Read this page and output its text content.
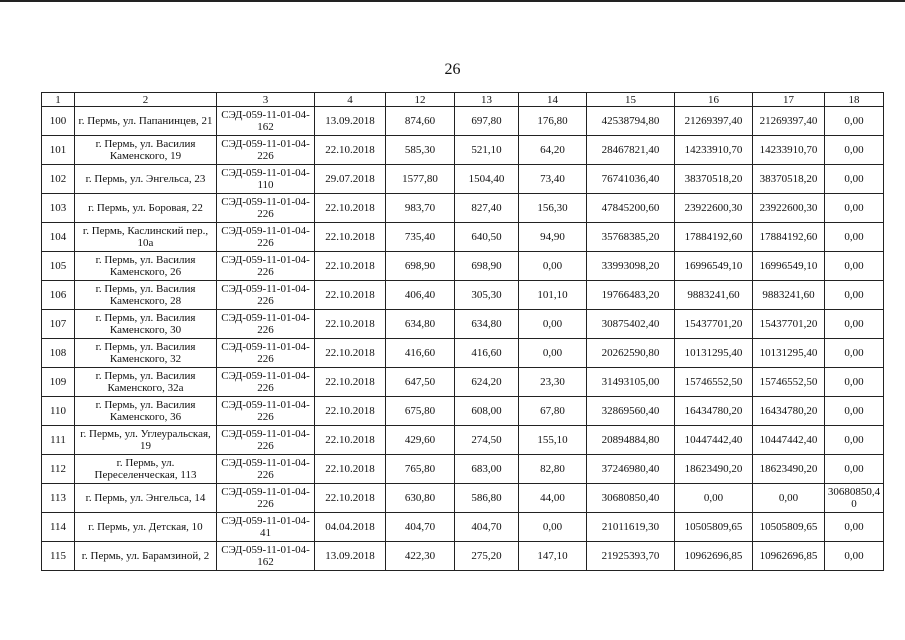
26
1	2	3	4	12	13	14	15	16	17	18
100	г. Пермь, ул. Папанинцев, 21	СЭД-059-11-01-04-162	13.09.2018	874,60	697,80	176,80	42538794,80	21269397,40	21269397,40	0,00
101	г. Пермь, ул. Василия Каменского, 19	СЭД-059-11-01-04-226	22.10.2018	585,30	521,10	64,20	28467821,40	14233910,70	14233910,70	0,00
102	г. Пермь, ул. Энгельса, 23	СЭД-059-11-01-04-110	29.07.2018	1577,80	1504,40	73,40	76741036,40	38370518,20	38370518,20	0,00
103	г. Пермь, ул. Боровая, 22	СЭД-059-11-01-04-226	22.10.2018	983,70	827,40	156,30	47845200,60	23922600,30	23922600,30	0,00
104	г. Пермь, Каслинский пер., 10а	СЭД-059-11-01-04-226	22.10.2018	735,40	640,50	94,90	35768385,20	17884192,60	17884192,60	0,00
105	г. Пермь, ул. Василия Каменского, 26	СЭД-059-11-01-04-226	22.10.2018	698,90	698,90	0,00	33993098,20	16996549,10	16996549,10	0,00
106	г. Пермь, ул. Василия Каменского, 28	СЭД-059-11-01-04-226	22.10.2018	406,40	305,30	101,10	19766483,20	9883241,60	9883241,60	0,00
107	г. Пермь, ул. Василия Каменского, 30	СЭД-059-11-01-04-226	22.10.2018	634,80	634,80	0,00	30875402,40	15437701,20	15437701,20	0,00
108	г. Пермь, ул. Василия Каменского, 32	СЭД-059-11-01-04-226	22.10.2018	416,60	416,60	0,00	20262590,80	10131295,40	10131295,40	0,00
109	г. Пермь, ул. Василия Каменского, 32а	СЭД-059-11-01-04-226	22.10.2018	647,50	624,20	23,30	31493105,00	15746552,50	15746552,50	0,00
110	г. Пермь, ул. Василия Каменского, 36	СЭД-059-11-01-04-226	22.10.2018	675,80	608,00	67,80	32869560,40	16434780,20	16434780,20	0,00
111	г. Пермь, ул. Углеуральская, 19	СЭД-059-11-01-04-226	22.10.2018	429,60	274,50	155,10	20894884,80	10447442,40	10447442,40	0,00
112	г. Пермь, ул. Переселенческая, 113	СЭД-059-11-01-04-226	22.10.2018	765,80	683,00	82,80	37246980,40	18623490,20	18623490,20	0,00
113	г. Пермь, ул. Энгельса, 14	СЭД-059-11-01-04-226	22.10.2018	630,80	586,80	44,00	30680850,40	0,00	0,00	30680850,40
114	г. Пермь, ул. Детская, 10	СЭД-059-11-01-04-41	04.04.2018	404,70	404,70	0,00	21011619,30	10505809,65	10505809,65	0,00
115	г. Пермь, ул. Барамзиной, 2	СЭД-059-11-01-04-162	13.09.2018	422,30	275,20	147,10	21925393,70	10962696,85	10962696,85	0,00
